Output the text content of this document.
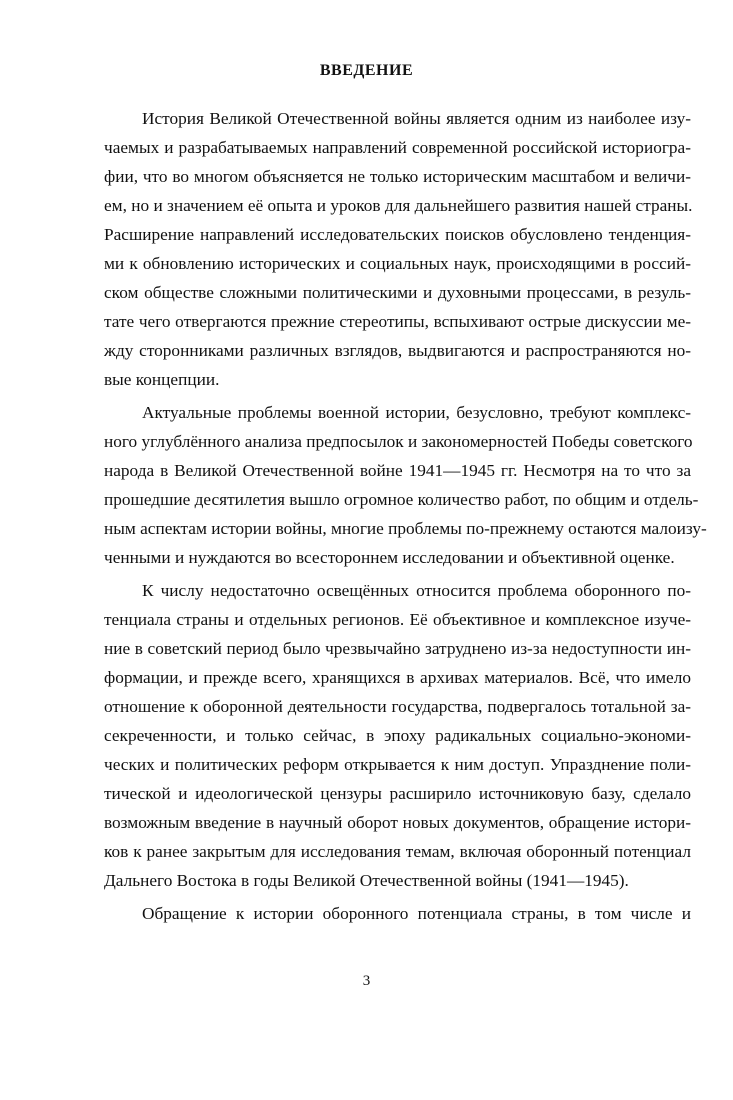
ВВЕДЕНИЕ
История Великой Отечественной войны является одним из наиболее изу-
чаемых и разрабатываемых направлений современной российской историогра-
фии, что во многом объясняется не только историческим масштабом и величи-
ем, но и значением её опыта и уроков для дальнейшего развития нашей страны.
Расширение направлений исследовательских поисков обусловлено тенденция-
ми к обновлению исторических и социальных наук, происходящими в россий-
ском обществе сложными политическими и духовными процессами, в резуль-
тате чего отвергаются прежние стереотипы, вспыхивают острые дискуссии ме-
жду сторонниками различных взглядов, выдвигаются и распространяются но-
вые концепции.
Актуальные проблемы военной истории, безусловно, требуют комплекс-
ного углублённого анализа предпосылок и закономерностей Победы советского
народа в Великой Отечественной войне 1941—1945 гг. Несмотря на то что за
прошедшие десятилетия вышло огромное количество работ, по общим и отдель-
ным аспектам истории войны, многие проблемы по-прежнему остаются малоизу-
ченными и нуждаются во всестороннем исследовании и объективной оценке.
К числу недостаточно освещённых относится проблема оборонного по-
тенциала страны и отдельных регионов. Её объективное и комплексное изуче-
ние в советский период было чрезвычайно затруднено из-за недоступности ин-
формации, и прежде всего, хранящихся в архивах материалов. Всё, что имело
отношение к оборонной деятельности государства, подвергалось тотальной за-
секреченности, и только сейчас, в эпоху радикальных социально-экономи-
ческих и политических реформ открывается к ним доступ. Упразднение поли-
тической и идеологической цензуры расширило источниковую базу, сделало
возможным введение в научный оборот новых документов, обращение истори-
ков к ранее закрытым для исследования темам, включая оборонный потенциал
Дальнего Востока в годы Великой Отечественной войны (1941—1945).
Обращение к истории оборонного потенциала страны, в том числе и
3
